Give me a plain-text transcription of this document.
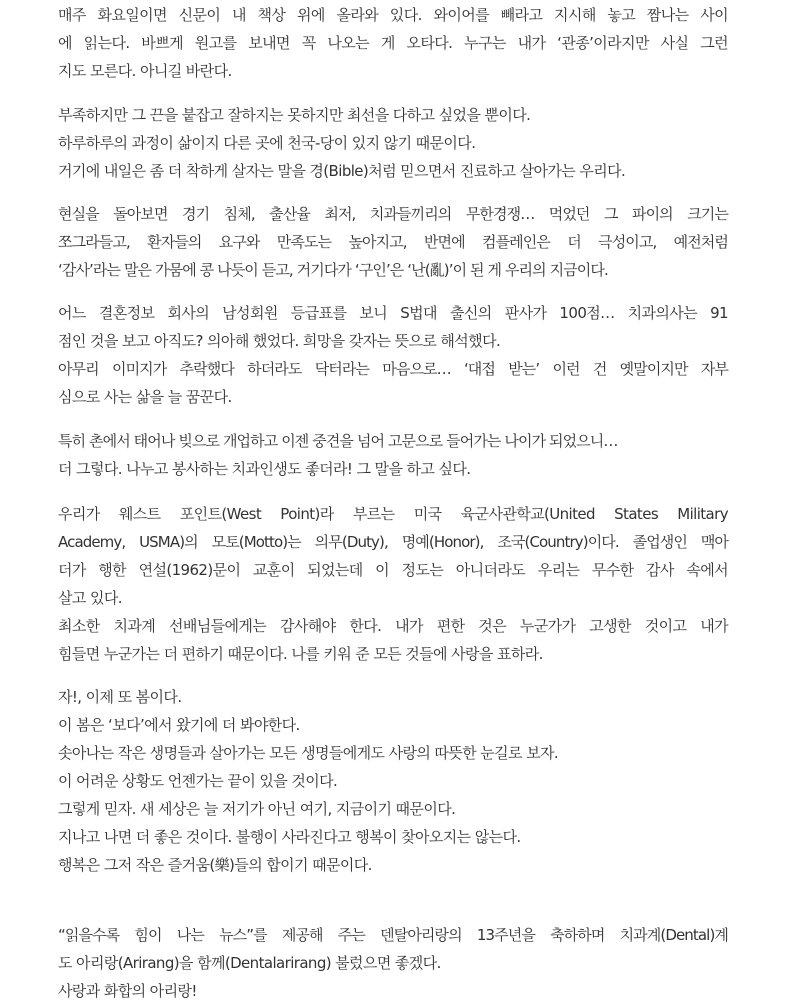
매주 화요일이면 신문이 내 책상 위에 올라와 있다. 와이어를 빼라고 지시해 놓고 짬나는 사이
에 읽는다. 바쁘게 원고를 보내면 꼭 나오는 게 오타다. 누구는 내가 ‘관종’이라지만 사실 그런
지도 모른다. 아니길 바란다.
부족하지만 그 끈을 붙잡고 잘하지는 못하지만 최선을 다하고 싶었을 뿐이다.
하루하루의 과정이 삶이지 다른 곳에 천국-당이 있지 않기 때문이다.
거기에 내일은 좀 더 착하게 살자는 말을 경(Bible)처럼 믿으면서 진료하고 살아가는 우리다.
현실을 돌아보면 경기 침체, 출산율 최저, 치과들끼리의 무한경쟁… 먹었던 그 파이의 크기는
쪼그라들고, 환자들의 요구와 만족도는 높아지고, 반면에 컴플레인은 더 극성이고, 예전처럼
‘감사’라는 말은 가뭄에 콩 나듯이 듣고, 거기다가 ‘구인’은 ‘난(亂)’이 된 게 우리의 지금이다.
어느 결혼정보 회사의 남성회원 등급표를 보니 S법대 출신의 판사가 100점… 치과의사는 91
점인 것을 보고 아직도? 의아해 했었다. 희망을 갖자는 뜻으로 해석했다.
아무리 이미지가 추락했다 하더라도 닥터라는 마음으로… ‘대접 받는’ 이런 건 옛말이지만 자부
심으로 사는 삶을 늘 꿈꾼다.
특히 촌에서 태어나 빚으로 개업하고 이젠 중견을 넘어 고문으로 들어가는 나이가 되었으니…
더 그렇다. 나누고 봉사하는 치과인생도 좋더라! 그 말을 하고 싶다.
우리가 웨스트 포인트(West Point)라 부르는 미국 육군사관학교(United States Military
Academy, USMA)의 모토(Motto)는 의무(Duty), 명예(Honor), 조국(Country)이다. 졸업생인 맥아
더가 행한 연설(1962)문이 교훈이 되었는데 이 정도는 아니더라도 우리는 무수한 감사 속에서
살고 있다.
최소한 치과계 선배님들에게는 감사해야 한다. 내가 편한 것은 누군가가 고생한 것이고 내가
힘들면 누군가는 더 편하기 때문이다. 나를 키워 준 모든 것들에 사랑을 표하라.
자!, 이제 또 봄이다.
이 봄은 ‘보다’에서 왔기에 더 봐야한다.
솟아나는 작은 생명들과 살아가는 모든 생명들에게도 사랑의 따뜻한 눈길로 보자.
이 어려운 상황도 언젠가는 끝이 있을 것이다.
그렇게 믿자. 새 세상은 늘 저기가 아닌 여기, 지금이기 때문이다.
지나고 나면 더 좋은 것이다. 불행이 사라진다고 행복이 찾아오지는 않는다.
행복은 그저 작은 즐거움(樂)들의 합이기 때문이다.
“읽을수록 힘이 나는 뉴스”를 제공해 주는 덴탈아리랑의 13주년을 축하하며 치과계(Dental)계
도 아리랑(Arirang)을 함께(Dentalarirang) 불렀으면 좋겠다.
사랑과 화합의 아리랑!
